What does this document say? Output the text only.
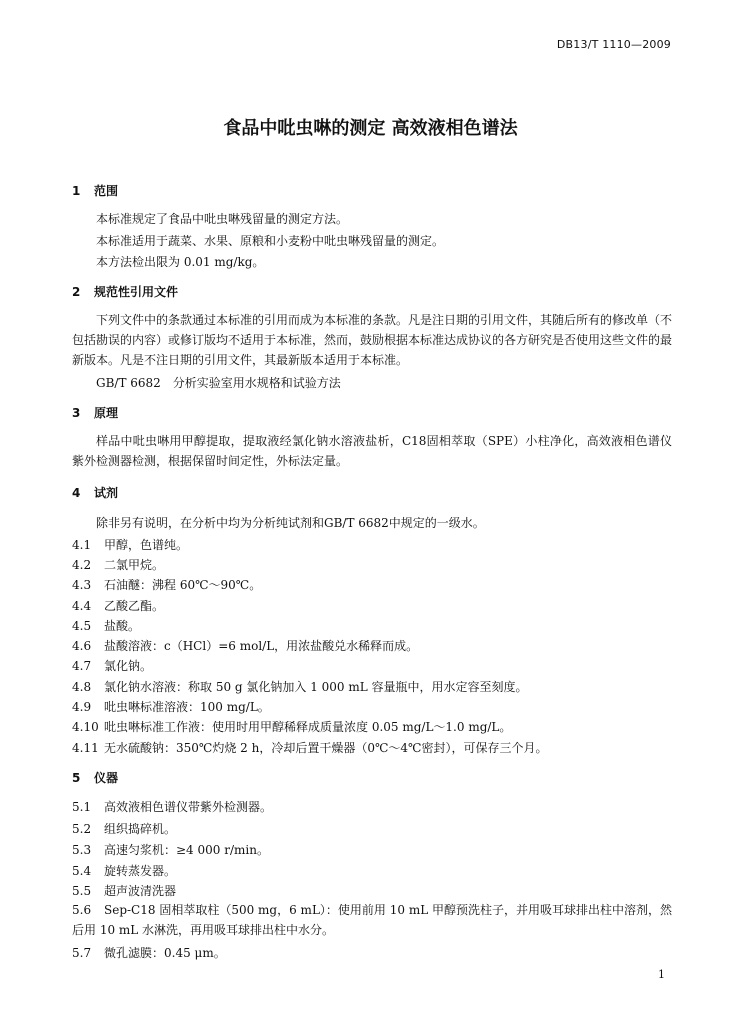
DB13/T 1110—2009
食品中吡虫啉的测定 高效液相色谱法
1 范围
本标准规定了食品中吡虫啉残留量的测定方法。
本标准适用于蔬菜、水果、原粮和小麦粉中吡虫啉残留量的测定。
本方法检出限为 0.01 mg/kg。
2 规范性引用文件
下列文件中的条款通过本标准的引用而成为本标准的条款。凡是注日期的引用文件，其随后所有的修改单（不包括勘误的内容）或修订版均不适用于本标准，然而，鼓励根据本标准达成协议的各方研究是否使用这些文件的最新版本。凡是不注日期的引用文件，其最新版本适用于本标准。
GB/T 6682　分析实验室用水规格和试验方法
3 原理
样品中吡虫啉用甲醇提取，提取液经氯化钠水溶液盐析，C18固相萃取（SPE）小柱净化，高效液相色谱仪紫外检测器检测，根据保留时间定性，外标法定量。
4 试剂
除非另有说明，在分析中均为分析纯试剂和GB/T 6682中规定的一级水。
4.1 甲醇，色谱纯。
4.2 二氯甲烷。
4.3 石油醚：沸程 60℃～90℃。
4.4 乙酸乙酯。
4.5 盐酸。
4.6 盐酸溶液：c（HCl）=6 mol/L，用浓盐酸兑水稀释而成。
4.7 氯化钠。
4.8 氯化钠水溶液：称取 50 g 氯化钠加入 1 000 mL 容量瓶中，用水定容至刻度。
4.9 吡虫啉标准溶液：100 mg/L。
4.10 吡虫啉标准工作液：使用时用甲醇稀释成质量浓度 0.05 mg/L～1.0 mg/L。
4.11 无水硫酸钠：350℃灼烧 2 h，冷却后置干燥器（0℃～4℃密封），可保存三个月。
5 仪器
5.1 高效液相色谱仪带紫外检测器。
5.2 组织捣碎机。
5.3 高速匀浆机：≥4 000 r/min。
5.4 旋转蒸发器。
5.5 超声波清洗器
5.6 Sep-C18 固相萃取柱（500 mg，6 mL）：使用前用 10 mL 甲醇预洗柱子，并用吸耳球排出柱中溶剂，然后用 10 mL 水淋洗，再用吸耳球排出柱中水分。
5.7 微孔滤膜：0.45 μm。
1
